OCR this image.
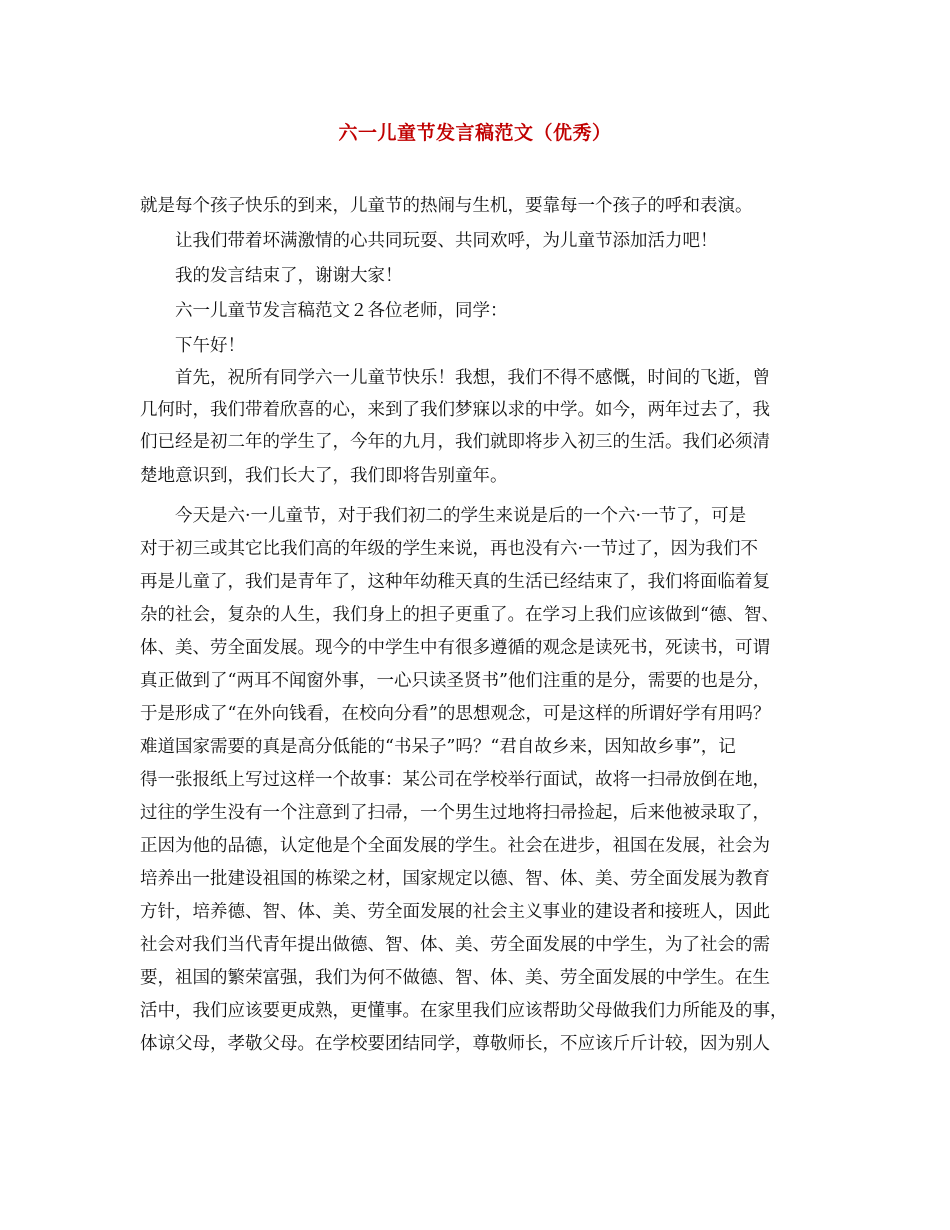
六一儿童节发言稿范文（优秀）
就是每个孩子快乐的到来，儿童节的热闹与生机，要靠每一个孩子的呼和表演。
让我们带着坏满激情的心共同玩耍、共同欢呼，为儿童节添加活力吧！
我的发言结束了，谢谢大家！
六一儿童节发言稿范文２各位老师，同学：
下午好！
首先，祝所有同学六一儿童节快乐！我想，我们不得不感慨，时间的飞逝，曾
几何时，我们带着欣喜的心，来到了我们梦寐以求的中学。如今，两年过去了，我
们已经是初二年的学生了，今年的九月，我们就即将步入初三的生活。我们必须清
楚地意识到，我们长大了，我们即将告别童年。
今天是六·一儿童节，对于我们初二的学生来说是后的一个六·一节了，可是
对于初三或其它比我们高的年级的学生来说，再也没有六·一节过了，因为我们不
再是儿童了，我们是青年了，这种年幼稚天真的生活已经结束了，我们将面临着复
杂的社会，复杂的人生，我们身上的担子更重了。在学习上我们应该做到“德、智、
体、美、劳全面发展。现今的中学生中有很多遵循的观念是读死书，死读书，可谓
真正做到了“两耳不闻窗外事，一心只读圣贤书”他们注重的是分，需要的也是分，
于是形成了“在外向钱看，在校向分看”的思想观念，可是这样的所谓好学有用吗？
难道国家需要的真是高分低能的“书呆子”吗？“君自故乡来，因知故乡事”，记
得一张报纸上写过这样一个故事：某公司在学校举行面试，故将一扫帚放倒在地，
过往的学生没有一个注意到了扫帚，一个男生过地将扫帚捡起，后来他被录取了，
正因为他的品德，认定他是个全面发展的学生。社会在进步，祖国在发展，社会为
培养出一批建设祖国的栋梁之材，国家规定以德、智、体、美、劳全面发展为教育
方针，培养德、智、体、美、劳全面发展的社会主义事业的建设者和接班人，因此
社会对我们当代青年提出做德、智、体、美、劳全面发展的中学生，为了社会的需
要，祖国的繁荣富强，我们为何不做德、智、体、美、劳全面发展的中学生。在生
活中，我们应该要更成熟，更懂事。在家里我们应该帮助父母做我们力所能及的事，
体谅父母，孝敬父母。在学校要团结同学，尊敬师长，不应该斤斤计较，因为别人
